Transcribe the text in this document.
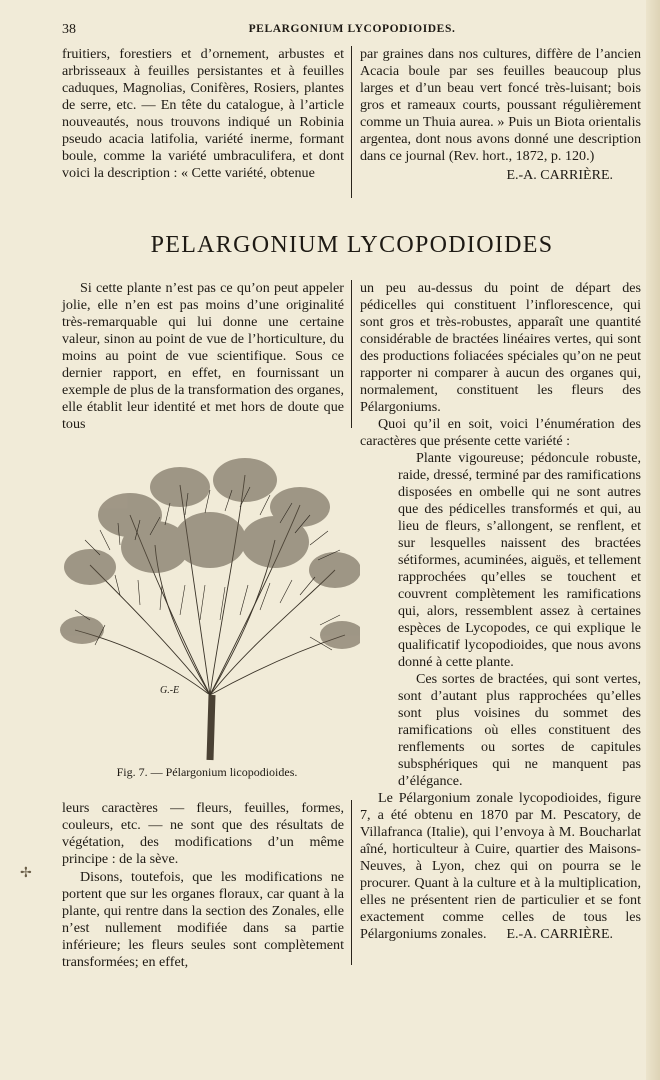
38	PELARGONIUM LYCOPODIOIDES.

fruitiers, forestiers et d’ornement, arbustes et arbrisseaux à feuilles persistantes et à feuilles caduques, Magnolias, Conifères, Rosiers, plantes de serre, etc. — En tête du catalogue, à l’article nouveautés, nous trouvons indiqué un Robinia pseudo acacia latifolia, variété inerme, formant boule, comme la variété umbraculifera, et dont voici la description : « Cette variété, obtenue

par graines dans nos cultures, diffère de l’ancien Acacia boule par ses feuilles beaucoup plus larges et d’un beau vert foncé très-luisant; bois gros et rameaux courts, poussant régulièrement comme un Thuia aurea. » Puis un Biota orientalis argentea, dont nous avons donné une description dans ce journal (Rev. hort., 1872, p. 120.)

E.-A. CARRIÈRE.

PELARGONIUM LYCOPODIOIDES

Si cette plante n’est pas ce qu’on peut appeler jolie, elle n’en est pas moins d’une originalité très-remarquable qui lui donne une certaine valeur, sinon au point de vue de l’horticulture, du moins au point de vue scientifique. Sous ce dernier rapport, en effet, en fournissant un exemple de plus de la transformation des organes, elle établit leur identité et met hors de doute que tous

G.-E
Fig. 7. — Pélargonium licopodioides.

leurs caractères — fleurs, feuilles, formes, couleurs, etc. — ne sont que des résultats de végétation, des modifications d’un même principe : de la sève.

Disons, toutefois, que les modifications ne portent que sur les organes floraux, car quant à la plante, qui rentre dans la section des Zonales, elle n’est nullement modifiée dans sa partie inférieure; les fleurs seules sont complètement transformées; en effet,

un peu au-dessus du point de départ des pédicelles qui constituent l’inflorescence, qui sont gros et très-robustes, apparaît une quantité considérable de bractées linéaires vertes, qui sont des productions foliacées spéciales qu’on ne peut rapporter ni comparer à aucun des organes qui, normalement, constituent les fleurs des Pélargoniums.

Quoi qu’il en soit, voici l’énumération des caractères que présente cette variété :

Plante vigoureuse; pédoncule robuste, raide, dressé, terminé par des ramifications disposées en ombelle qui ne sont autres que des pédicelles transformés et qui, au lieu de fleurs, s’allongent, se renflent, et sur lesquelles naissent des bractées sétiformes, acuminées, aiguës, et tellement rapprochées qu’elles se touchent et couvrent complètement les ramifications qui, alors, ressemblent assez à certaines espèces de Lycopodes, ce qui explique le qualificatif lycopodioides, que nous avons donné à cette plante.

Ces sortes de bractées, qui sont vertes, sont d’autant plus rapprochées qu’elles sont plus voisines du sommet des ramifications où elles constituent des renflements ou sortes de capitules subsphériques qui ne manquent pas d’élégance.

Le Pélargonium zonale lycopodioides, figure 7, a été obtenu en 1870 par M. Pescatory, de Villafranca (Italie), qui l’envoya à M. Boucharlat aîné, horticulteur à Cuire, quartier des Maisons-Neuves, à Lyon, chez qui on pourra se le procurer. Quant à la culture et à la multiplication, elles ne présentent rien de particulier et se font exactement comme celles de tous les Pélargoniums zonales.	E.-A. CARRIÈRE.

✢
